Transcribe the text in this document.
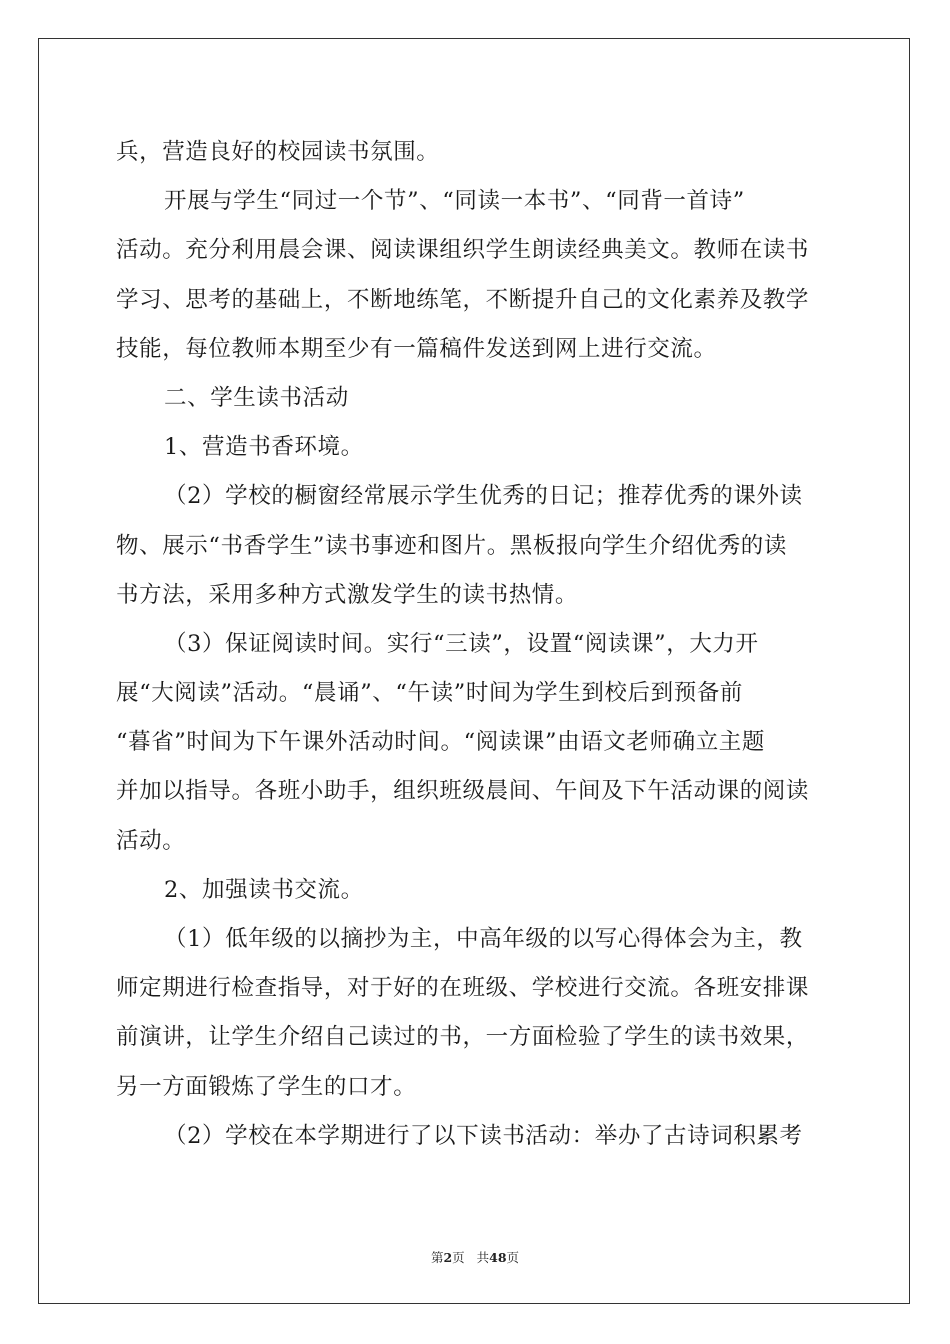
兵，营造良好的校园读书氛围。
开展与学生“同过一个节”、“同读一本书”、“同背一首诗”
活动。充分利用晨会课、阅读课组织学生朗读经典美文。教师在读书
学习、思考的基础上，不断地练笔，不断提升自己的文化素养及教学
技能，每位教师本期至少有一篇稿件发送到网上进行交流。
二、学生读书活动
1、营造书香环境。
（2）学校的橱窗经常展示学生优秀的日记；推荐优秀的课外读
物、展示“书香学生”读书事迹和图片。黑板报向学生介绍优秀的读
书方法，采用多种方式激发学生的读书热情。
（3）保证阅读时间。实行“三读”，设置“阅读课”，大力开
展“大阅读”活动。“晨诵”、“午读”时间为学生到校后到预备前
“暮省”时间为下午课外活动时间。“阅读课”由语文老师确立主题
并加以指导。各班小助手，组织班级晨间、午间及下午活动课的阅读
活动。
2、加强读书交流。
（1）低年级的以摘抄为主，中高年级的以写心得体会为主，教
师定期进行检查指导，对于好的在班级、学校进行交流。各班安排课
前演讲，让学生介绍自己读过的书，一方面检验了学生的读书效果，
另一方面锻炼了学生的口才。
（2）学校在本学期进行了以下读书活动：举办了古诗词积累考
第2页 共48页
